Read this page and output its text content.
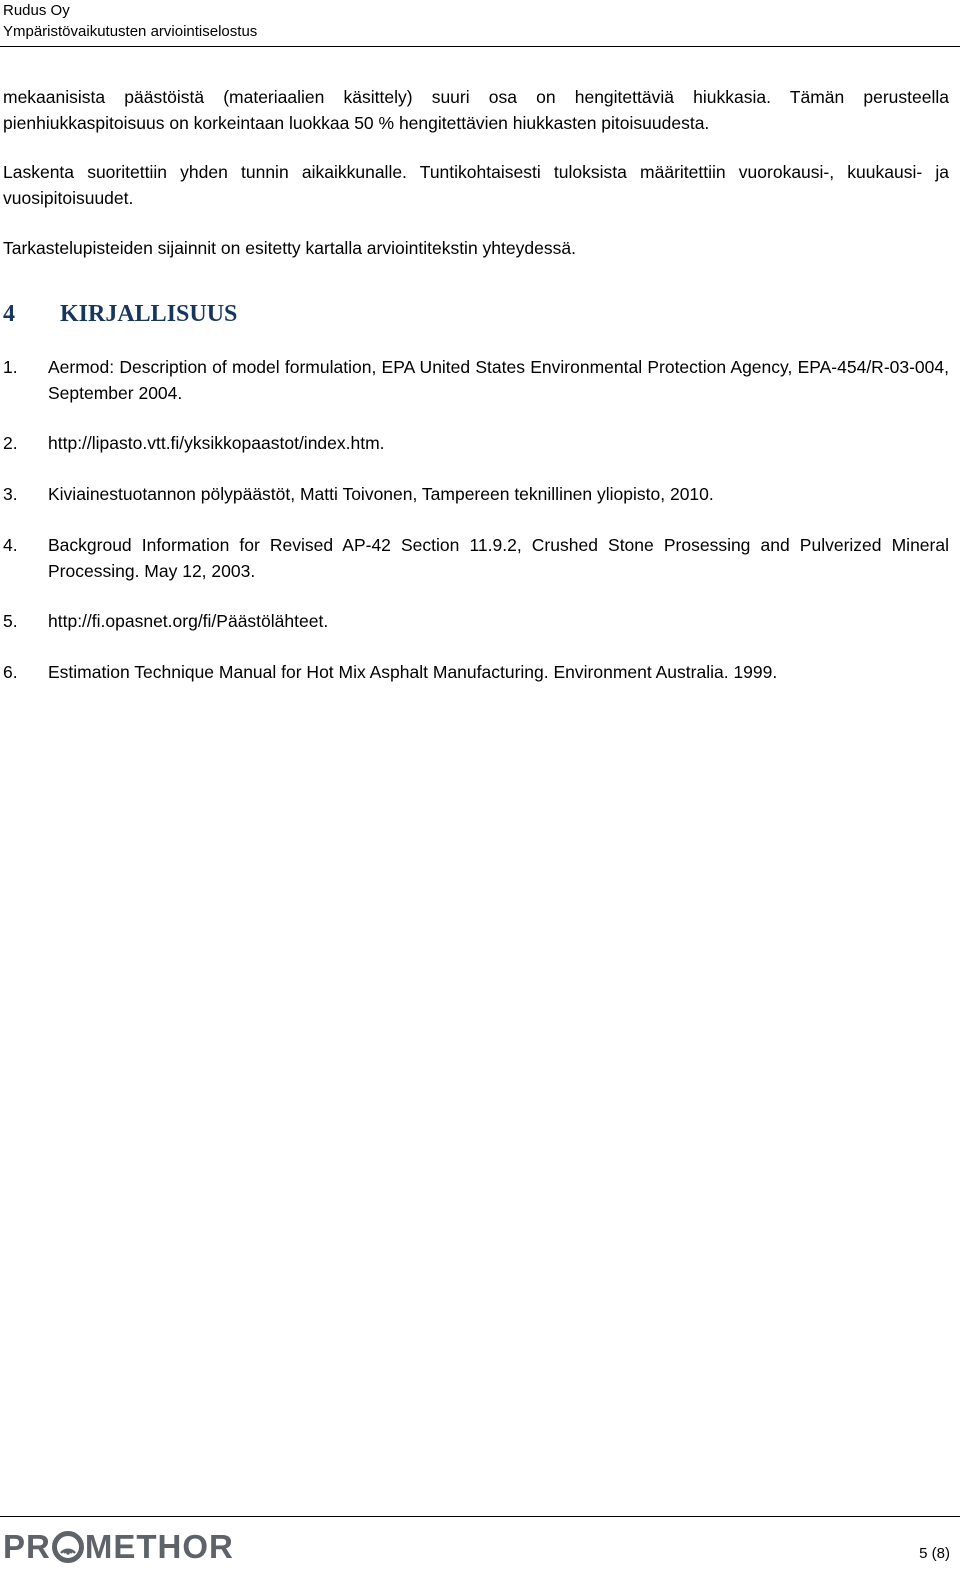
Rudus Oy
Ympäristövaikutusten arviointiselostus

mekaanisista päästöistä (materiaalien käsittely) suuri osa on hengitettäviä hiukkasia. Tämän perusteella pienhiukkaspitoisuus on korkeintaan luokkaa 50 % hengitettävien hiukkasten pitoisuudesta.

Laskenta suoritettiin yhden tunnin aikaikkunalle. Tuntikohtaisesti tuloksista määritettiin vuorokausi-, kuukausi- ja vuosipitoisuudet.

Tarkastelupisteiden sijainnit on esitetty kartalla arviointitekstin yhteydessä.

4 KIRJALLISUUS
1. Aermod: Description of model formulation, EPA United States Environmental Protection Agency, EPA-454/R-03-004, September 2004.
2. http://lipasto.vtt.fi/yksikkopaastot/index.htm.
3. Kiviainestuotannon pölypäästöt, Matti Toivonen, Tampereen teknillinen yliopisto, 2010.
4. Backgroud Information for Revised AP-42 Section 11.9.2, Crushed Stone Prosessing and Pulverized Mineral Processing. May 12, 2003.
5. http://fi.opasnet.org/fi/Päästölähteet.
6. Estimation Technique Manual for Hot Mix Asphalt Manufacturing. Environment Australia. 1999.
PR METHOR	5 (8)
